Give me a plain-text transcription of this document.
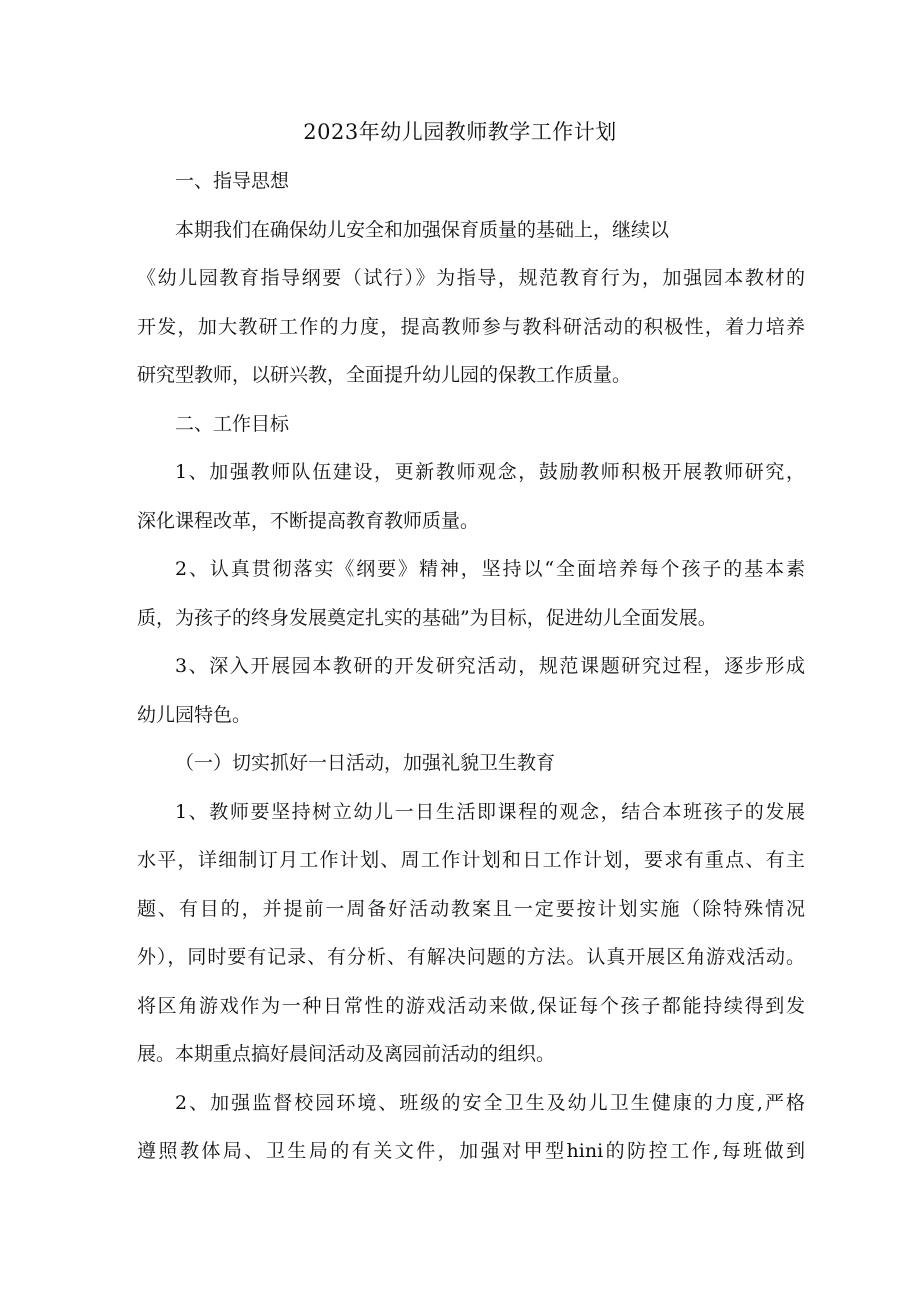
2023年幼儿园教师教学工作计划
一、指导思想
本期我们在确保幼儿安全和加强保育质量的基础上，继续以
《幼儿园教育指导纲要（试行）》为指导，规范教育行为，加强园本教材的
开发，加大教研工作的力度，提高教师参与教科研活动的积极性，着力培养
研究型教师，以研兴教，全面提升幼儿园的保教工作质量。
二、工作目标
1、加强教师队伍建设，更新教师观念，鼓励教师积极开展教师研究，
深化课程改革，不断提高教育教师质量。
2、认真贯彻落实《纲要》精神，坚持以“全面培养每个孩子的基本素
质，为孩子的终身发展奠定扎实的基础”为目标，促进幼儿全面发展。
3、深入开展园本教研的开发研究活动，规范课题研究过程，逐步形成
幼儿园特色。
（一）切实抓好一日活动，加强礼貌卫生教育
1、教师要坚持树立幼儿一日生活即课程的观念，结合本班孩子的发展
水平，详细制订月工作计划、周工作计划和日工作计划，要求有重点、有主
题、有目的，并提前一周备好活动教案且一定要按计划实施（除特殊情况
外），同时要有记录、有分析、有解决问题的方法。认真开展区角游戏活动。
将区角游戏作为一种日常性的游戏活动来做,保证每个孩子都能持续得到发
展。本期重点搞好晨间活动及离园前活动的组织。
2、加强监督校园环境、班级的安全卫生及幼儿卫生健康的力度,严格
遵照教体局、卫生局的有关文件，加强对甲型hini的防控工作,每班做到
